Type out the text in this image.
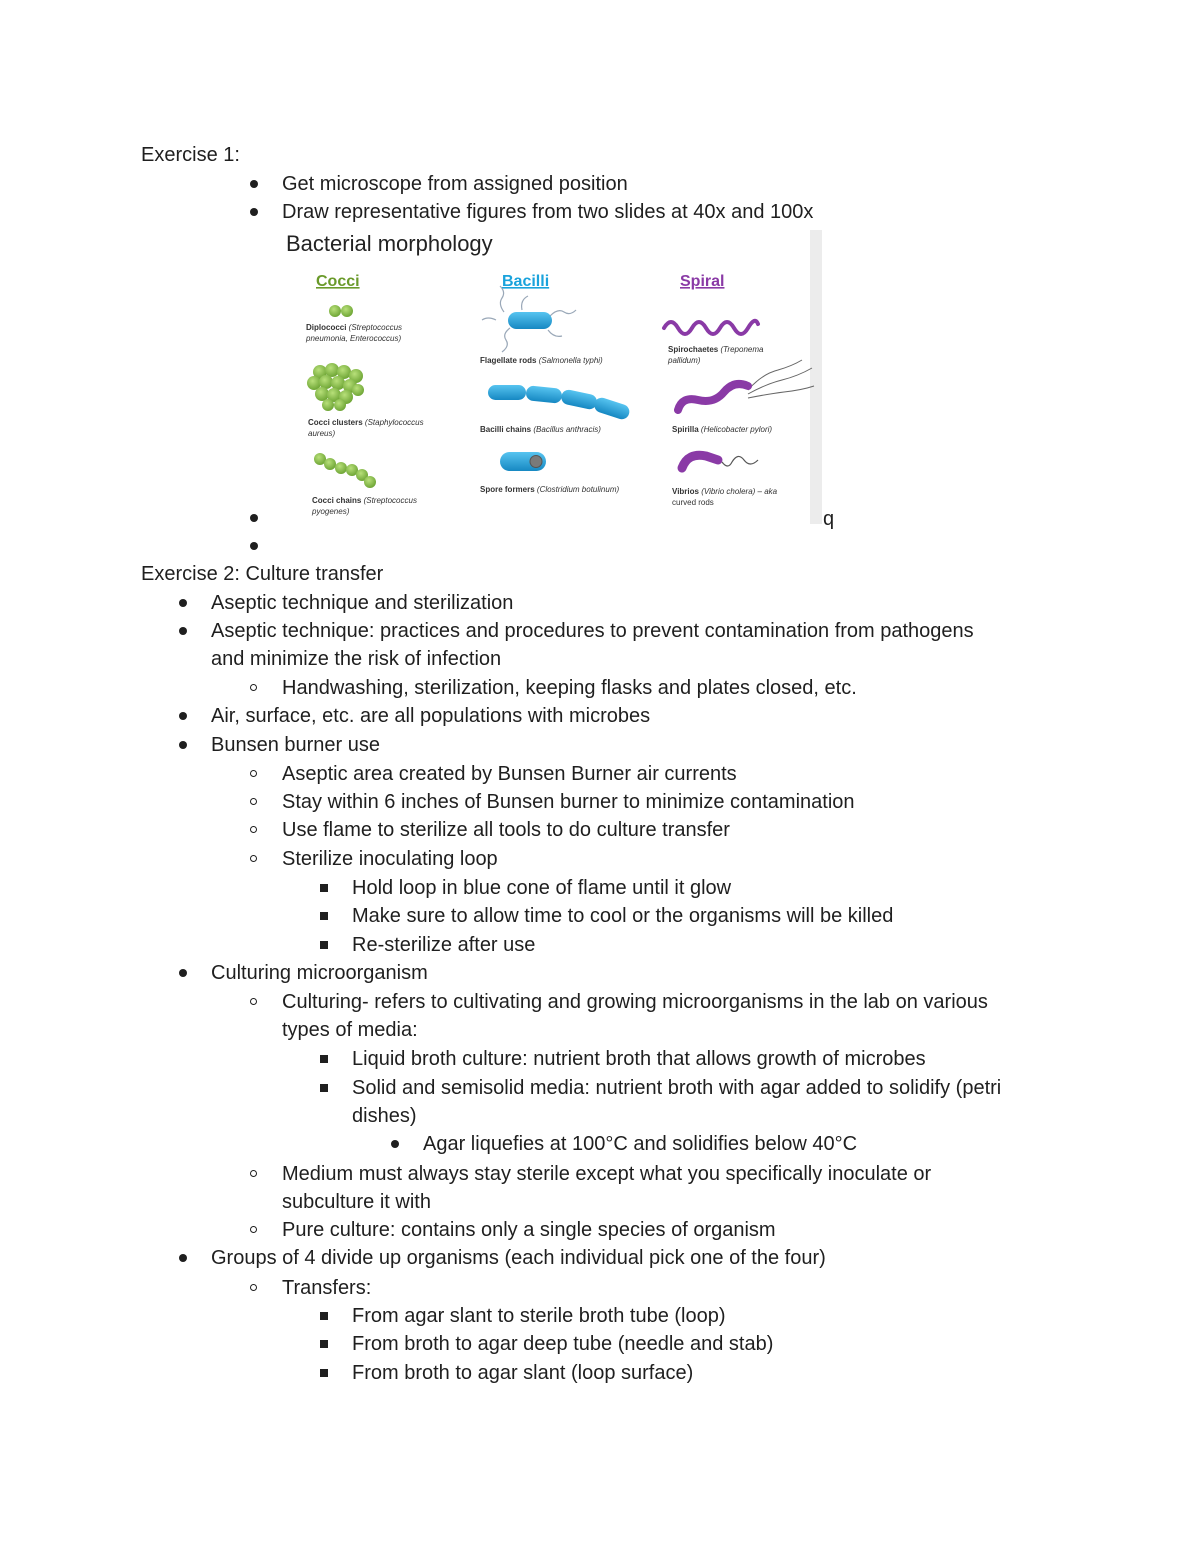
Exercise 1:
Get microscope from assigned position
Draw representative figures from two slides at 40x and 100x
Bacterial morphology
Cocci	Bacilli	Spiral
Diplococci (Streptococcus
pneumonia, Enterococcus)
Cocci clusters (Staphylococcus
aureus)
Cocci chains (Streptococcus
pyogenes)
Flagellate rods (Salmonella typhi)
Bacilli chains (Bacillus anthracis)
Spore formers (Clostridium botulinum)
Spirochaetes (Treponema
pallidum)
Spirilla (Helicobacter pylori)
Vibrios (Vibrio cholera) – aka
curved rods
q
Exercise 2: Culture transfer
Aseptic technique and sterilization
Aseptic technique: practices and procedures to prevent contamination from pathogens
and minimize the risk of infection
Handwashing, sterilization, keeping flasks and plates closed, etc.
Air, surface, etc. are all populations with microbes
Bunsen burner use
Aseptic area created by Bunsen Burner air currents
Stay within 6 inches of Bunsen burner to minimize contamination
Use flame to sterilize all tools to do culture transfer
Sterilize inoculating loop
Hold loop in blue cone of flame until it glow
Make sure to allow time to cool or the organisms will be killed
Re-sterilize after use
Culturing microorganism
Culturing- refers to cultivating and growing microorganisms in the lab on various
types of media:
Liquid broth culture: nutrient broth that allows growth of microbes
Solid and semisolid media: nutrient broth with agar added to solidify (petri
dishes)
Agar liquefies at 100°C and solidifies below 40°C
Medium must always stay sterile except what you specifically inoculate or
subculture it with
Pure culture: contains only a single species of organism
Groups of 4 divide up organisms (each individual pick one of the four)
Transfers:
From agar slant to sterile broth tube (loop)
From broth to agar deep tube (needle and stab)
From broth to agar slant (loop surface)
